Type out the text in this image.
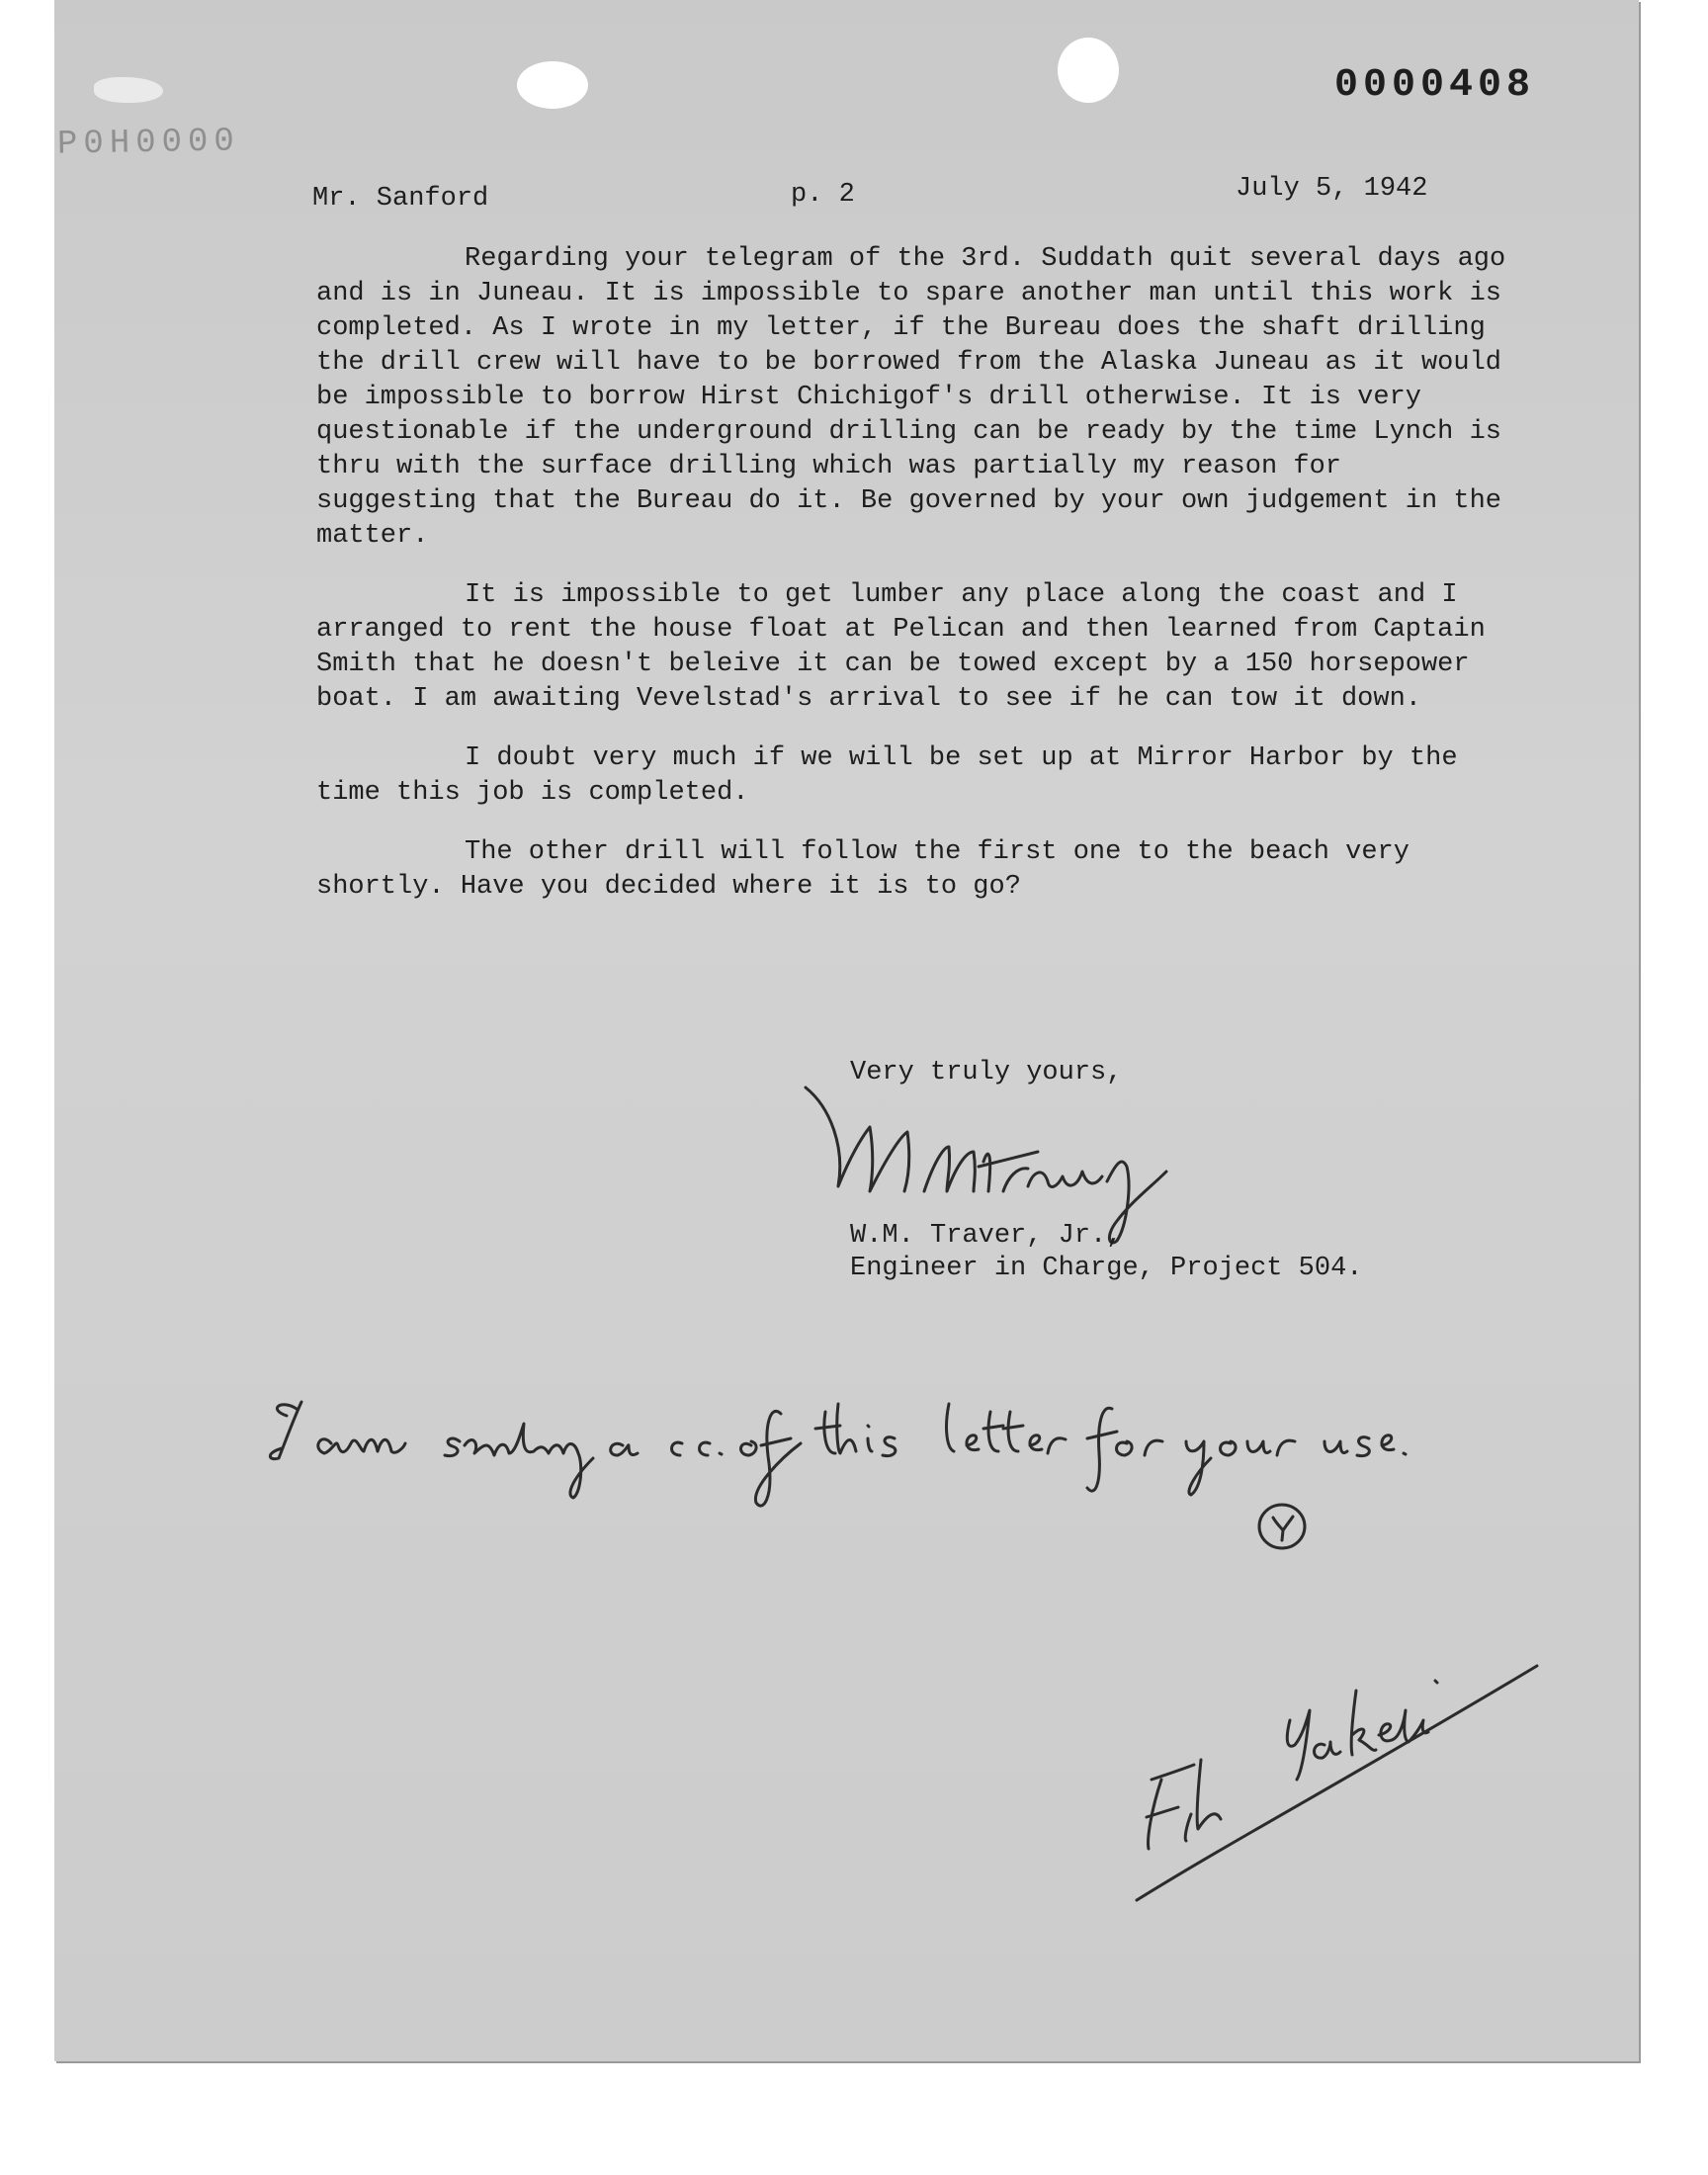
0000408
P0H0000
Mr. Sanford	p. 2	July 5, 1942

Regarding your telegram of the 3rd. Suddath quit several days ago and is in Juneau. It is impossible to spare another man until this work is completed. As I wrote in my letter, if the Bureau does the shaft drilling the drill crew will have to be borrowed from the Alaska Juneau as it would be impossible to borrow Hirst Chichigof's drill otherwise. It is very questionable if the underground drilling can be ready by the time Lynch is thru with the surface drilling which was partially my reason for suggesting that the Bureau do it. Be governed by your own judgement in the matter.

It is impossible to get lumber any place along the coast and I arranged to rent the house float at Pelican and then learned from Captain Smith that he doesn't beleive it can be towed except by a 150 horsepower boat. I am awaiting Vevelstad's arrival to see if he can tow it down.

I doubt very much if we will be set up at Mirror Harbor by the time this job is completed.

The other drill will follow the first one to the beach very shortly. Have you decided where it is to go?

Very truly yours,
W.M. Traver, Jr.,
Engineer in Charge, Project 504.
